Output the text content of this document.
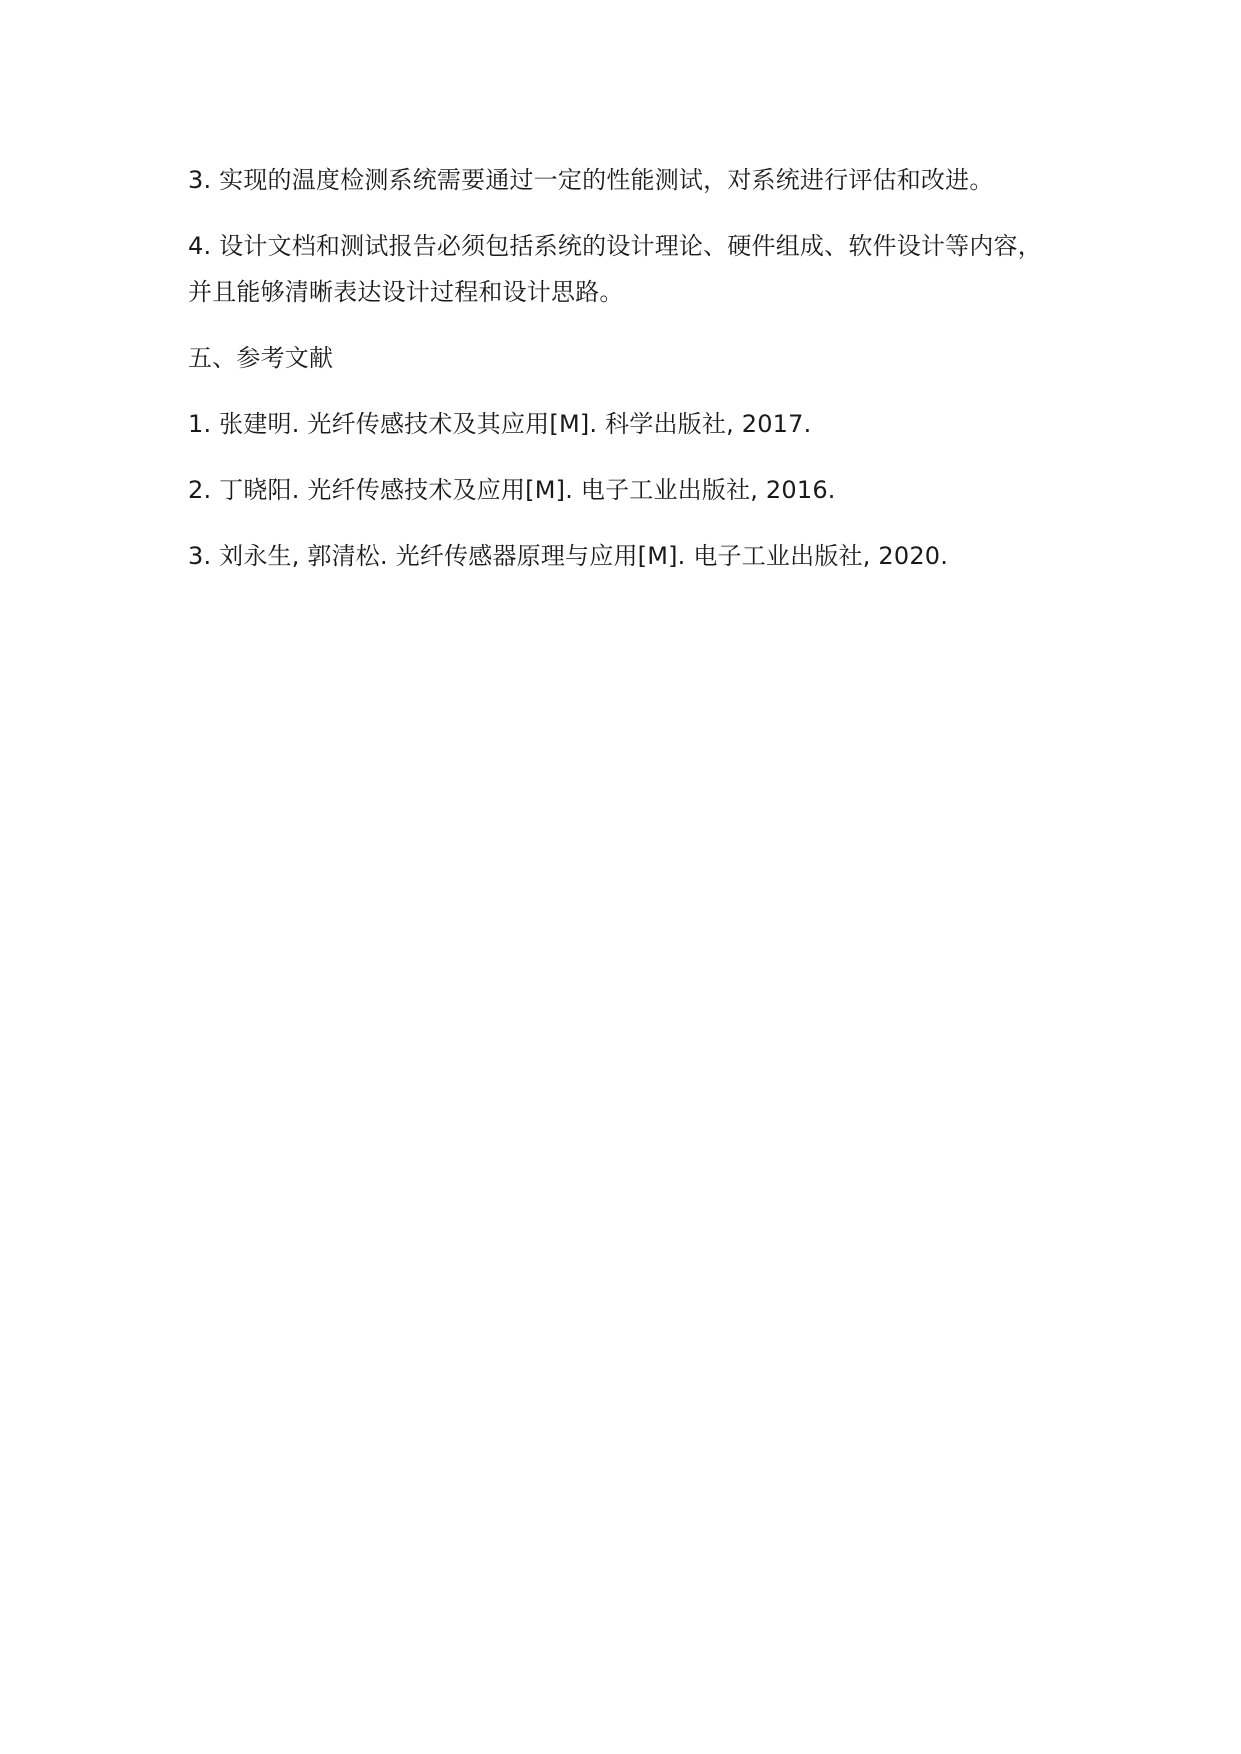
3. 实现的温度检测系统需要通过一定的性能测试，对系统进行评估和改进。

4. 设计文档和测试报告必须包括系统的设计理论、硬件组成、软件设计等内容，并且能够清晰表达设计过程和设计思路。

五、参考文献

1. 张建明. 光纤传感技术及其应用[M]. 科学出版社, 2017.

2. 丁晓阳. 光纤传感技术及应用[M]. 电子工业出版社, 2016.

3. 刘永生, 郭清松. 光纤传感器原理与应用[M]. 电子工业出版社, 2020.
